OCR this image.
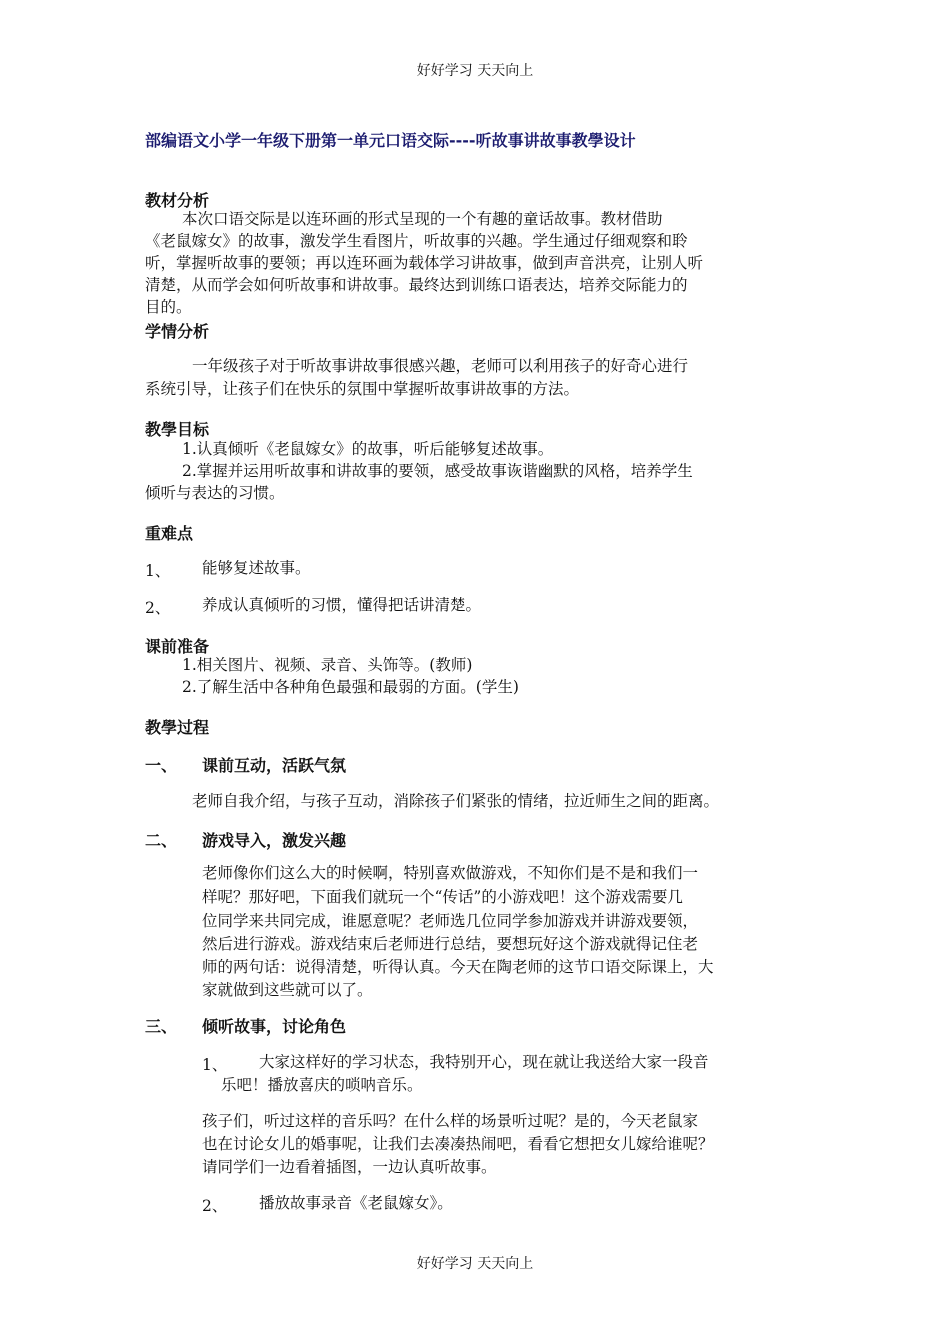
好好学习 天天向上
部编语文小学一年级下册第一单元口语交际----听故事讲故事教學设计
教材分析
本次口语交际是以连环画的形式呈现的一个有趣的童话故事。教材借助
《老鼠嫁女》的故事，激发学生看图片，听故事的兴趣。学生通过仔细观察和聆
听，掌握听故事的要领；再以连环画为载体学习讲故事，做到声音洪亮，让别人听
清楚，从而学会如何听故事和讲故事。最终达到训练口语表达，培养交际能力的
目的。
学情分析
一年级孩子对于听故事讲故事很感兴趣，老师可以利用孩子的好奇心进行
系统引导，让孩子们在快乐的氛围中掌握听故事讲故事的方法。
教學目标
1.认真倾听《老鼠嫁女》的故事，听后能够复述故事。
2.掌握并运用听故事和讲故事的要领，感受故事诙谐幽默的风格，培养学生
倾听与表达的习惯。
重难点
1、 能够复述故事。
2、 养成认真倾听的习惯，懂得把话讲清楚。
课前准备
1.相关图片、视频、录音、头饰等。(教师)
2.了解生活中各种角色最强和最弱的方面。(学生)
教學过程
一、 课前互动，活跃气氛
老师自我介绍，与孩子互动，消除孩子们紧张的情绪，拉近师生之间的距离。
二、 游戏导入，激发兴趣
老师像你们这么大的时候啊，特别喜欢做游戏，不知你们是不是和我们一
样呢？那好吧，下面我们就玩一个“传话”的小游戏吧！这个游戏需要几
位同学来共同完成，谁愿意呢？老师选几位同学参加游戏并讲游戏要领，
然后进行游戏。游戏结束后老师进行总结，要想玩好这个游戏就得记住老
师的两句话：说得清楚，听得认真。今天在陶老师的这节口语交际课上，大
家就做到这些就可以了。
三、 倾听故事，讨论角色
1、 大家这样好的学习状态，我特别开心，现在就让我送给大家一段音
乐吧！播放喜庆的唢呐音乐。
孩子们，听过这样的音乐吗？在什么样的场景听过呢？是的，今天老鼠家
也在讨论女儿的婚事呢，让我们去凑凑热闹吧，看看它想把女儿嫁给谁呢？
请同学们一边看着插图，一边认真听故事。
2、 播放故事录音《老鼠嫁女》。
好好学习 天天向上
